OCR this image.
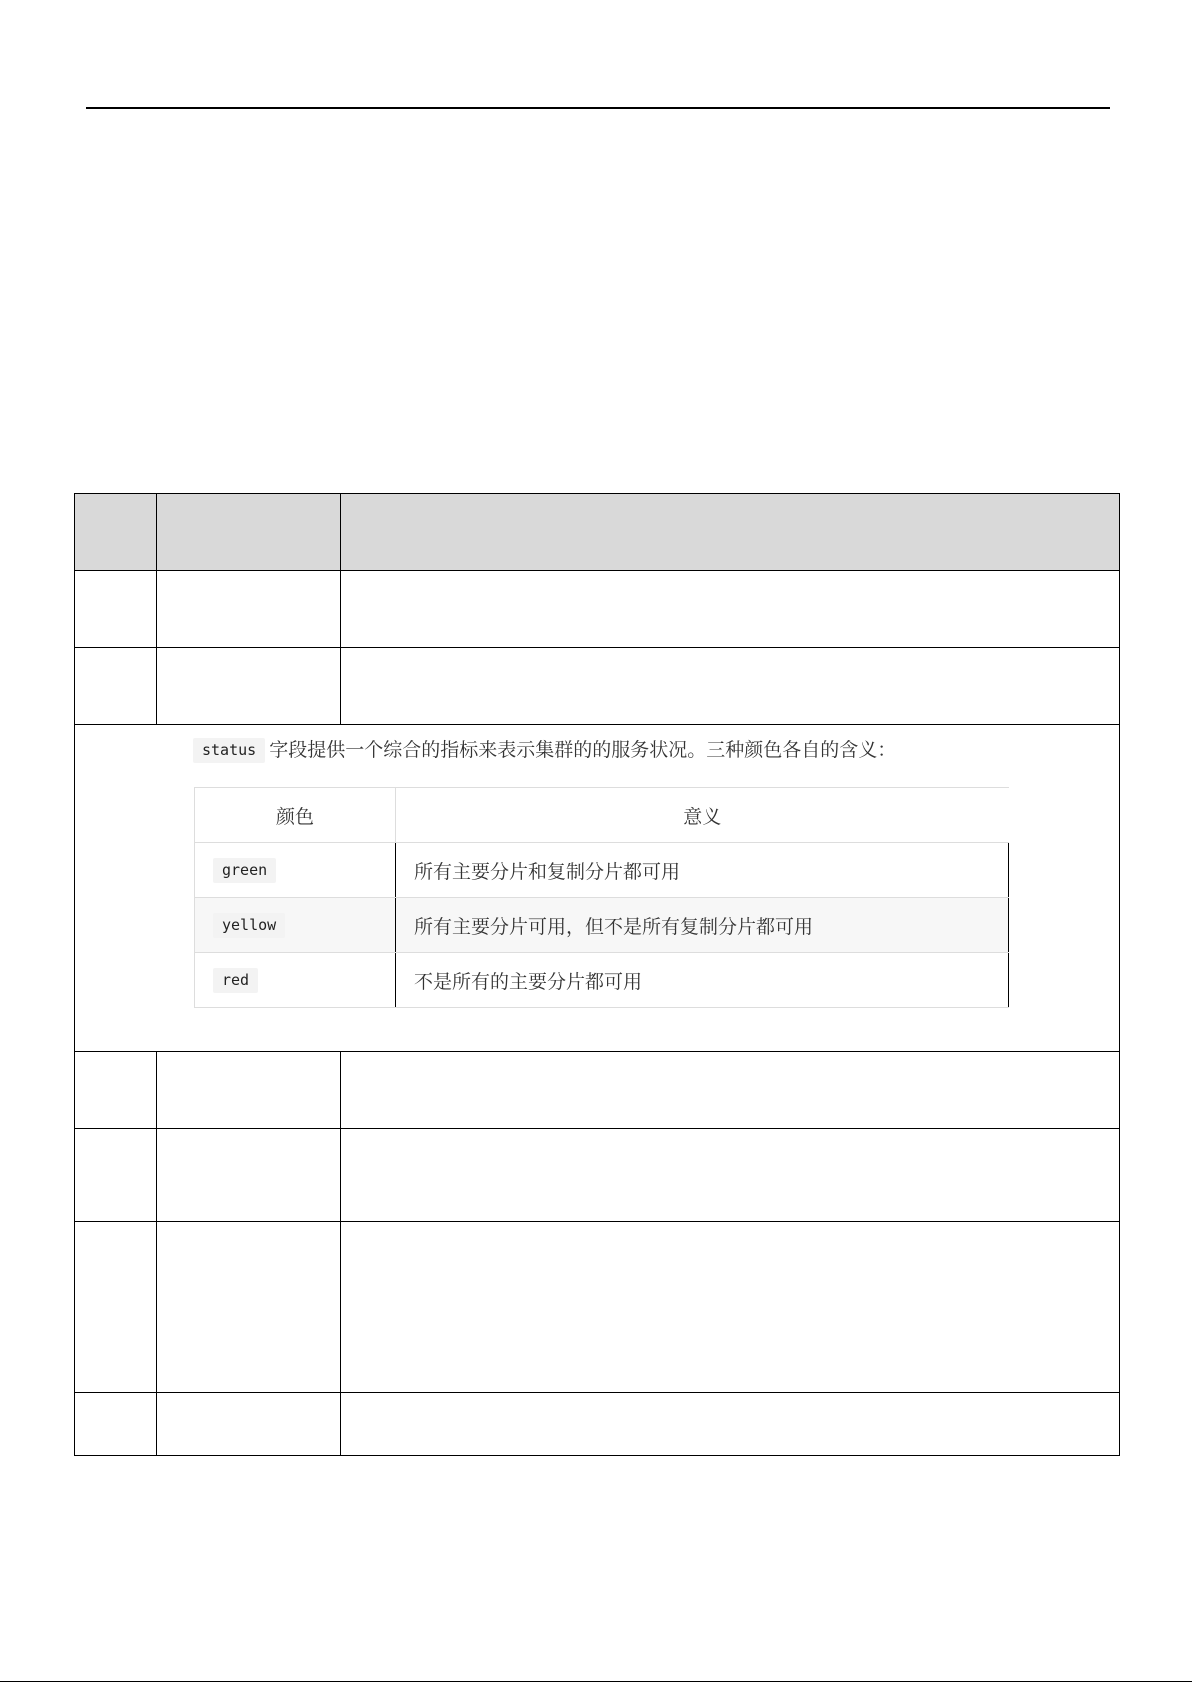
status 字段提供一个综合的指标来表示集群的的服务状况。三种颜色各自的含义：
颜色	意义
green	所有主要分片和复制分片都可用
yellow	所有主要分片可用，但不是所有复制分片都可用
red	不是所有的主要分片都可用
